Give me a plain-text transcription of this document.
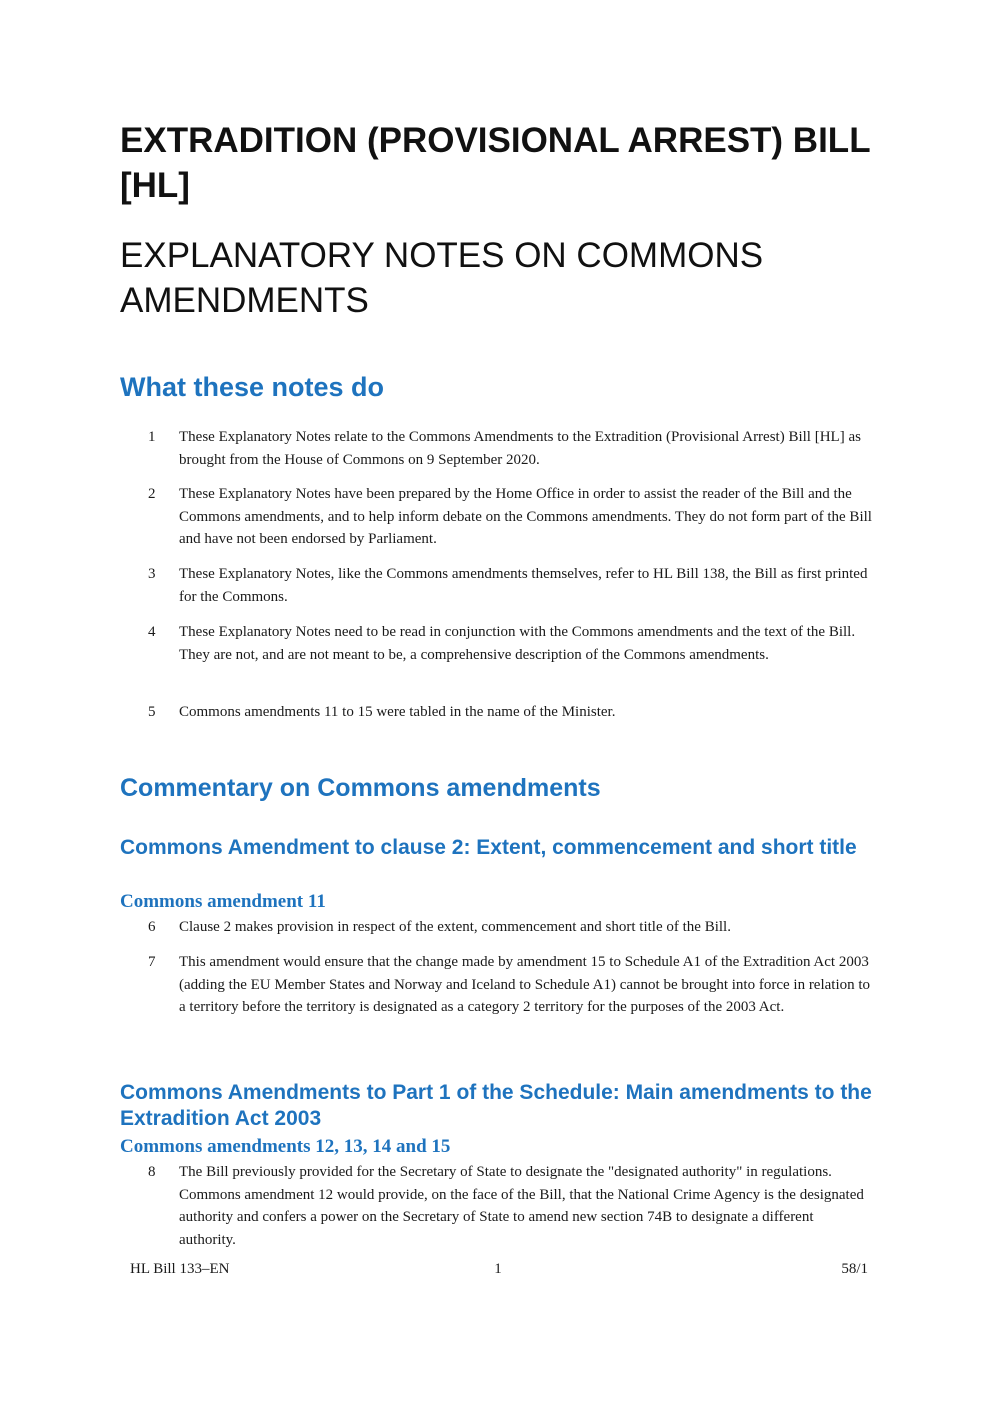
EXTRADITION (PROVISIONAL ARREST) BILL [HL]
EXPLANATORY NOTES ON COMMONS AMENDMENTS
What these notes do

1	These Explanatory Notes relate to the Commons Amendments to the Extradition (Provisional Arrest) Bill [HL] as brought from the House of Commons on 9 September 2020.

2	These Explanatory Notes have been prepared by the Home Office in order to assist the reader of the Bill and the Commons amendments, and to help inform debate on the Commons amendments. They do not form part of the Bill and have not been endorsed by Parliament.

3	These Explanatory Notes, like the Commons amendments themselves, refer to HL Bill 138, the Bill as first printed for the Commons.

4	These Explanatory Notes need to be read in conjunction with the Commons amendments and the text of the Bill. They are not, and are not meant to be, a comprehensive description of the Commons amendments.

5	Commons amendments 11 to 15 were tabled in the name of the Minister.

Commentary on Commons amendments
Commons Amendment to clause 2: Extent, commencement and short title
Commons amendment 11

6	Clause 2 makes provision in respect of the extent, commencement and short title of the Bill.

7	This amendment would ensure that the change made by amendment 15 to Schedule A1 of the Extradition Act 2003 (adding the EU Member States and Norway and Iceland to Schedule A1) cannot be brought into force in relation to a territory before the territory is designated as a category 2 territory for the purposes of the 2003 Act.

Commons Amendments to Part 1 of the Schedule: Main amendments to the Extradition Act 2003
Commons amendments 12, 13, 14 and 15

8	The Bill previously provided for the Secretary of State to designate the "designated authority" in regulations. Commons amendment 12 would provide, on the face of the Bill, that the National Crime Agency is the designated authority and confers a power on the Secretary of State to amend new section 74B to designate a different authority.

HL Bill 133–EN	1	58/1
